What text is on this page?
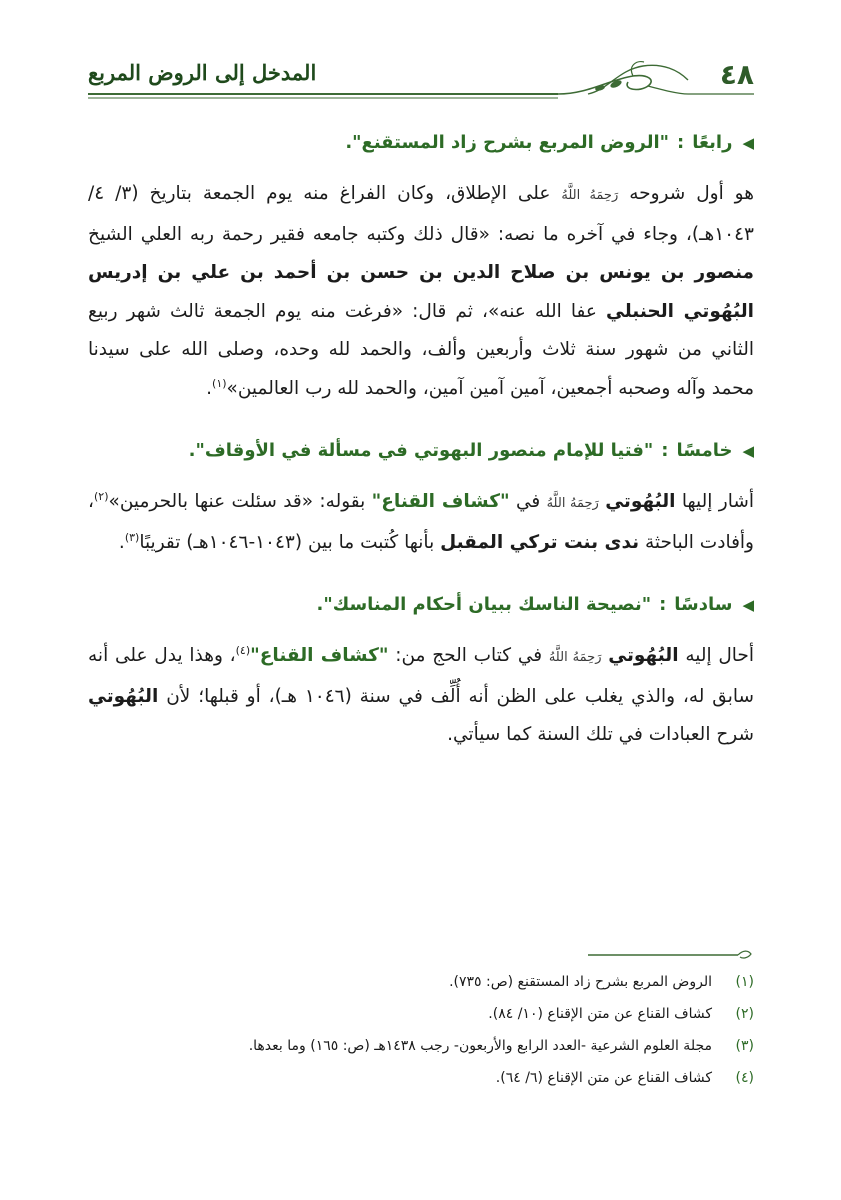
٤٨
المدخل إلى الروض المربع
◀
رابعًا
:
"الروض المربع بشرح زاد المستقنع".

هو أول شروحه رَحِمَهُ اللَّهُ على الإطلاق، وكان الفراغ منه يوم الجمعة بتاريخ (٣/ ٤/ ١٠٤٣هـ)، وجاء في آخره ما نصه: «قال ذلك وكتبه جامعه فقير رحمة ربه العلي الشيخ منصور بن يونس بن صلاح الدين بن حسن بن أحمد بن علي بن إدريس البُهُوتي الحنبلي عفا الله عنه»، ثم قال: «فرغت منه يوم الجمعة ثالث شهر ربيع الثاني من شهور سنة ثلاث وأربعين وألف، والحمد لله وحده، وصلى الله على سيدنا محمد وآله وصحبه أجمعين، آمين آمين آمين، والحمد لله رب العالمين»$^{(١)}$.

◀
خامسًا
:
"فتيا للإمام منصور البهوتي في مسألة في الأوقاف".

أشار إليها البُهُوتي رَحِمَهُ اللَّهُ في "كشاف القناع" بقوله: «قد سئلت عنها بالحرمين»$^{(٢)}$، وأفادت الباحثة ندى بنت تركي المقبل بأنها كُتبت ما بين (١٠٤٣-١٠٤٦هـ) تقريبًا$^{(٣)}$.

◀
سادسًا
:
"نصيحة الناسك ببيان أحكام المناسك".

أحال إليه البُهُوتي رَحِمَهُ اللَّهُ في كتاب الحج من: "كشاف القناع"$^{(٤)}$، وهذا يدل على أنه سابق له، والذي يغلب على الظن أنه أُلِّف في سنة (١٠٤٦ هـ)، أو قبلها؛ لأن البُهُوتي شرح العبادات في تلك السنة كما سيأتي.

(١)
الروض المربع بشرح زاد المستقنع (ص: ٧٣٥).
(٢)
كشاف القناع عن متن الإقناع (١٠/ ٨٤).
(٣)
مجلة العلوم الشرعية -العدد الرابع والأربعون- رجب ١٤٣٨هـ (ص: ١٦٥) وما بعدها.
(٤)
كشاف القناع عن متن الإقناع (٦/ ٦٤).
